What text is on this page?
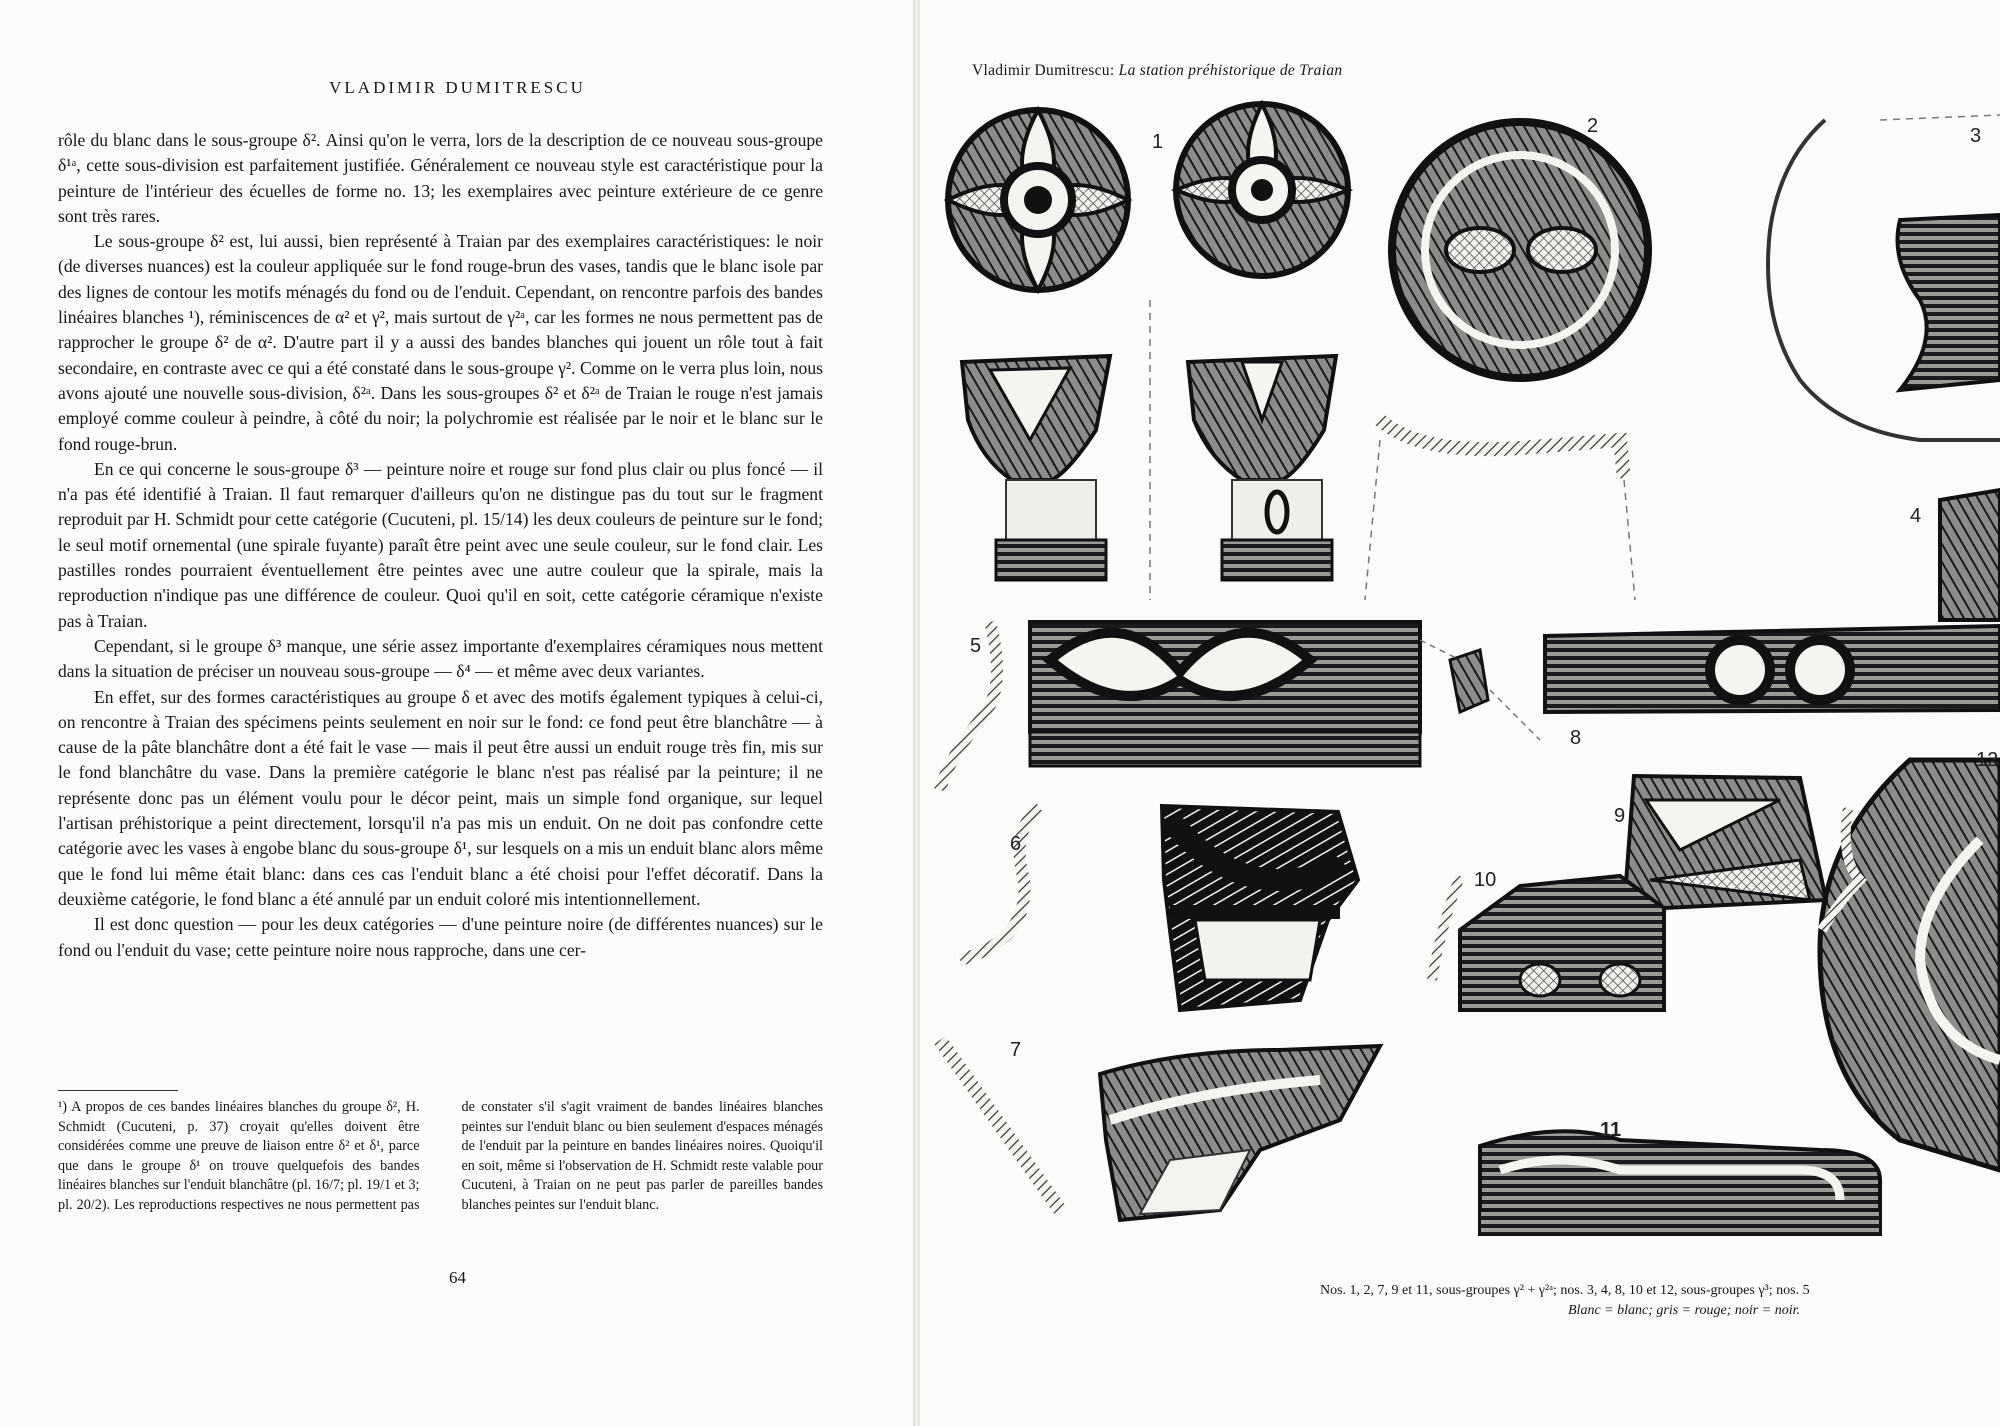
VLADIMIR DUMITRESCU

rôle du blanc dans le sous-groupe δ². Ainsi qu'on le verra, lors de la description de ce nouveau sous-groupe δ¹ᵃ, cette sous-division est parfaitement justifiée. Généralement ce nouveau style est caractéristique pour la peinture de l'intérieur des écuelles de forme no. 13; les exemplaires avec peinture extérieure de ce genre sont très rares.

Le sous-groupe δ² est, lui aussi, bien représenté à Traian par des exemplaires caractéristiques: le noir (de diverses nuances) est la couleur appliquée sur le fond rouge-brun des vases, tandis que le blanc isole par des lignes de contour les motifs ménagés du fond ou de l'enduit. Cependant, on rencontre parfois des bandes linéaires blanches ¹), réminiscences de α² et γ², mais surtout de γ²ᵃ, car les formes ne nous permettent pas de rapprocher le groupe δ² de α². D'autre part il y a aussi des bandes blanches qui jouent un rôle tout à fait secondaire, en contraste avec ce qui a été constaté dans le sous-groupe γ². Comme on le verra plus loin, nous avons ajouté une nouvelle sous-division, δ²ᵃ. Dans les sous-groupes δ² et δ²ᵃ de Traian le rouge n'est jamais employé comme couleur à peindre, à côté du noir; la polychromie est réalisée par le noir et le blanc sur le fond rouge-brun.

En ce qui concerne le sous-groupe δ³ — peinture noire et rouge sur fond plus clair ou plus foncé — il n'a pas été identifié à Traian. Il faut remarquer d'ailleurs qu'on ne distingue pas du tout sur le fragment reproduit par H. Schmidt pour cette catégorie (Cucuteni, pl. 15/14) les deux couleurs de peinture sur le fond; le seul motif ornemental (une spirale fuyante) paraît être peint avec une seule couleur, sur le fond clair. Les pastilles rondes pourraient éventuellement être peintes avec une autre couleur que la spirale, mais la reproduction n'indique pas une différence de couleur. Quoi qu'il en soit, cette catégorie céramique n'existe pas à Traian.

Cependant, si le groupe δ³ manque, une série assez importante d'exemplaires céramiques nous mettent dans la situation de préciser un nouveau sous-groupe — δ⁴ — et même avec deux variantes.

En effet, sur des formes caractéristiques au groupe δ et avec des motifs également typiques à celui-ci, on rencontre à Traian des spécimens peints seulement en noir sur le fond: ce fond peut être blanchâtre — à cause de la pâte blanchâtre dont a été fait le vase — mais il peut être aussi un enduit rouge très fin, mis sur le fond blanchâtre du vase. Dans la première catégorie le blanc n'est pas réalisé par la peinture; il ne représente donc pas un élément voulu pour le décor peint, mais un simple fond organique, sur lequel l'artisan préhistorique a peint directement, lorsqu'il n'a pas mis un enduit. On ne doit pas confondre cette catégorie avec les vases à engobe blanc du sous-groupe δ¹, sur lesquels on a mis un enduit blanc alors même que le fond lui même était blanc: dans ces cas l'enduit blanc a été choisi pour l'effet décoratif. Dans la deuxième catégorie, le fond blanc a été annulé par un enduit coloré mis intentionnellement.

Il est donc question — pour les deux catégories — d'une peinture noire (de différentes nuances) sur le fond ou l'enduit du vase; cette peinture noire nous rapproche, dans une cer-

¹) A propos de ces bandes linéaires blanches du groupe δ², H. Schmidt (Cucuteni, p. 37) croyait qu'elles doivent être considérées comme une preuve de liaison entre δ² et δ¹, parce que dans le groupe δ¹ on trouve quelquefois des bandes linéaires blanches sur l'enduit blanchâtre (pl. 16/7; pl. 19/1 et 3; pl. 20/2). Les reproductions respectives ne nous permettent pas de constater s'il s'agit vraiment de bandes linéaires blanches peintes sur l'enduit blanc ou bien seulement d'espaces ménagés de l'enduit par la peinture en bandes linéaires noires. Quoiqu'il en soit, même si l'observation de H. Schmidt reste valable pour Cucuteni, à Traian on ne peut pas parler de pareilles bandes blanches peintes sur l'enduit blanc.
64
Vladimir Dumitrescu: La station préhistorique de Traian
1
2	3
4
5
6
7
8
9
10
11
12
Nos. 1, 2, 7, 9 et 11, sous-groupes γ² + γ²ᵃ; nos. 3, 4, 8, 10 et 12, sous-groupes γ³; nos. 5
Blanc = blanc; gris = rouge; noir = noir.
